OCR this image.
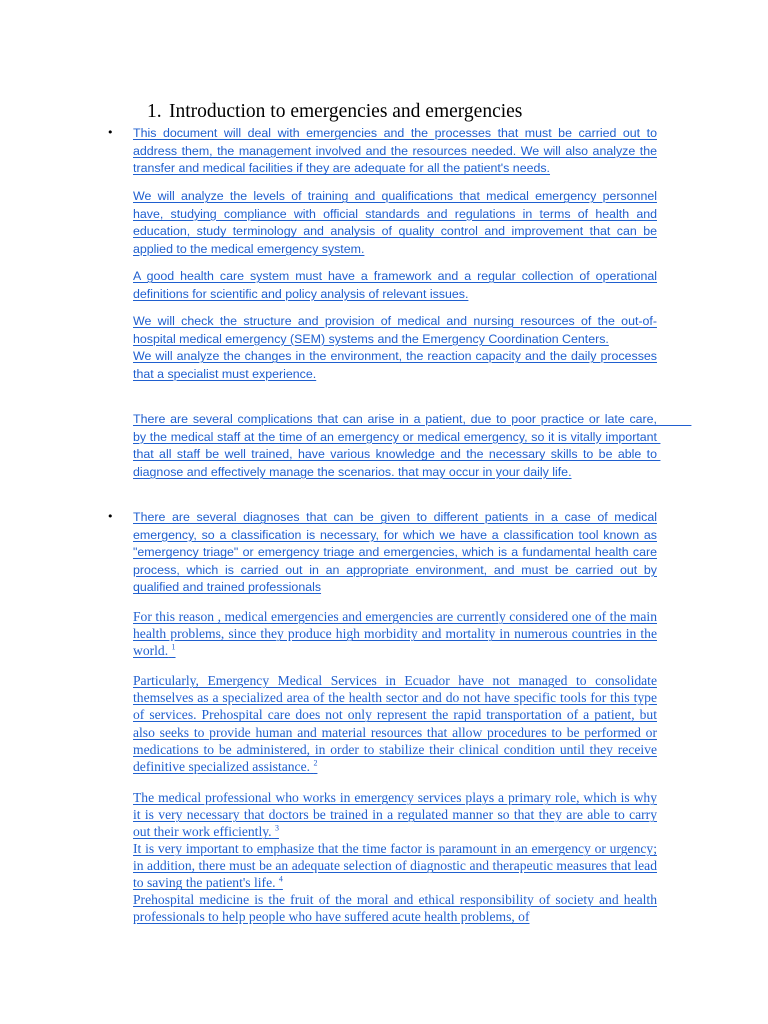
1. Introduction to emergencies and emergencies
•
•

This document will deal with emergencies and the processes that must be carried out to address them, the management involved and the resources needed. We will also analyze the transfer and medical facilities if they are adequate for all the patient's needs.

We will analyze the levels of training and qualifications that medical emergency personnel have, studying compliance with official standards and regulations in terms of health and education, study terminology and analysis of quality control and improvement that can be applied to the medical emergency system.

A good health care system must have a framework and a regular collection of operational definitions for scientific and policy analysis of relevant issues.

We will check the structure and provision of medical and nursing resources of the out-of-hospital medical emergency (SEM) systems and the Emergency Coordination Centers.

We will analyze the changes in the environment, the reaction capacity and the daily processes that a specialist must experience.

There are several complications that can arise in a patient, due to poor practice or late care,          by the medical staff at the time of an emergency or medical emergency, so it is vitally important that all staff be well trained, have various knowledge and the necessary skills to be able to diagnose and effectively manage the scenarios. that may occur in your daily life.

There are several diagnoses that can be given to different patients in a case of medical emergency, so a classification is necessary, for which we have a classification tool known as "emergency triage" or emergency triage and emergencies, which is a fundamental health care process, which is carried out in an appropriate environment, and must be carried out by qualified and trained professionals

For this reason , medical emergencies and emergencies are currently considered one of the main health problems, since they produce high morbidity and mortality in numerous countries in the world. $^1$

Particularly, Emergency Medical Services in Ecuador have not managed to consolidate themselves as a specialized area of the health sector and do not have specific tools for this type of services. Prehospital care does not only represent the rapid transportation of a patient, but also seeks to provide human and material resources that allow procedures to be performed or medications to be administered, in order to stabilize their clinical condition until they receive definitive specialized assistance. $^2$

The medical professional who works in emergency services plays a primary role, which is why it is very necessary that doctors be trained in a regulated manner so that they are able to carry out their work efficiently. $^3$

It is very important to emphasize that the time factor is paramount in an emergency or urgency; in addition, there must be an adequate selection of diagnostic and therapeutic measures that lead to saving the patient's life. $^4$

Prehospital medicine is the fruit of the moral and ethical responsibility of society and health professionals to help people who have suffered acute health problems, of
